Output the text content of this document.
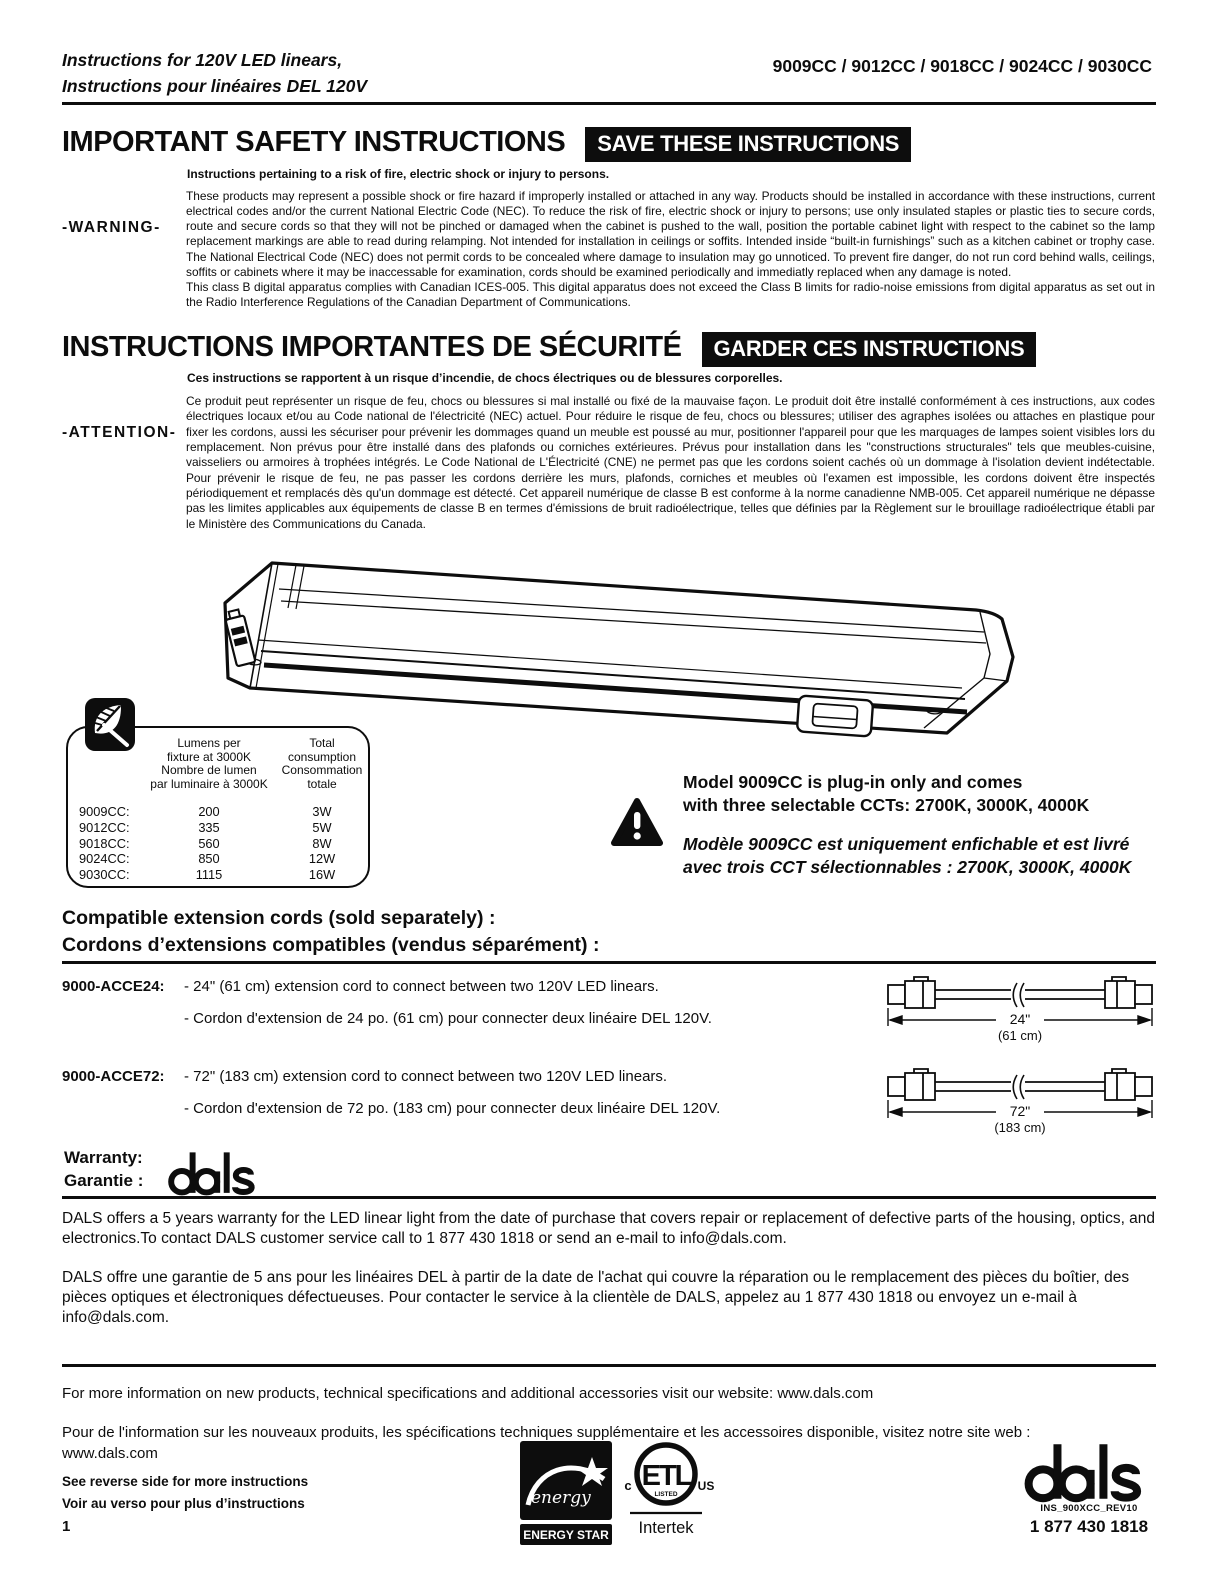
Instructions for 120V LED linears,
Instructions pour linéaires DEL 120V
9009CC / 9012CC / 9018CC / 9024CC / 9030CC
IMPORTANT SAFETY INSTRUCTIONS	SAVE THESE INSTRUCTIONS
Instructions pertaining to a risk of fire, electric shock or injury to persons.
-WARNING-

These products may represent a possible shock or fire hazard if improperly installed or attached in any way. Products should be installed in accordance with these instructions, current electrical codes and/or the current National Electric Code (NEC). To reduce the risk of fire, electric shock or injury to persons; use only insulated staples or plastic ties to secure cords, route and secure cords so that they will not be pinched or damaged when the cabinet is pushed to the wall, position the portable cabinet light with respect to the cabinet so the lamp replacement markings are able to read during relamping. Not intended for installation in ceilings or soffits. Intended inside “built-in furnishings” such as a kitchen cabinet or trophy case. The National Electrical Code (NEC) does not permit cords to be concealed where damage to insulation may go unnoticed. To prevent fire danger, do not run cord behind walls, ceilings, soffits or cabinets where it may be inaccessable for examination, cords should be examined periodically and immediatly replaced when any damage is noted.

This class B digital apparatus complies with Canadian ICES-005. This digital apparatus does not exceed the Class B limits for radio-noise emissions from digital apparatus as set out in the Radio Interference Regulations of the Canadian Department of Communications.

INSTRUCTIONS IMPORTANTES DE SÉCURITÉ	GARDER CES INSTRUCTIONS
Ces instructions se rapportent à un risque d’incendie, de chocs électriques ou de blessures corporelles.
-ATTENTION-

Ce produit peut représenter un risque de feu, chocs ou blessures si mal installé ou fixé de la mauvaise façon. Le produit doit être installé conformément à ces instructions, aux codes électriques locaux et/ou au Code national de l'électricité (NEC) actuel. Pour réduire le risque de feu, chocs ou blessures; utiliser des agraphes isolées ou attaches en plastique pour fixer les cordons, aussi les sécuriser pour prévenir les dommages quand un meuble est poussé au mur, positionner l'appareil pour que les marquages de lampes soient visibles lors du remplacement. Non prévus pour être installé dans des plafonds ou corniches extérieures. Prévus pour installation dans les "constructions structurales" tels que meubles-cuisine, vaisseliers ou armoires à trophées intégrés. Le Code National de L'Électricité (CNE) ne permet pas que les cordons soient cachés où un dommage à l'isolation devient indétectable. Pour prévenir le risque de feu, ne pas passer les cordons derrière les murs, plafonds, corniches et meubles où l'examen est impossible, les cordons doivent être inspectés périodiquement et remplacés dès qu'un dommage est détecté. Cet appareil numérique de classe B est conforme à la norme canadienne NMB-005. Cet appareil numérique ne dépasse pas les limites applicables aux équipements de classe B en termes d'émissions de bruit radioélectrique, telles que définies par la Règlement sur le brouillage radioélectrique établi par le Ministère des Communications du Canada.

Lumens per
fixture at 3000K
Nombre de lumen
par luminaire à 3000K
Total
consumption
Consommation
totale
9009CC:	200	3W
9012CC:	335	5W
9018CC:	560	8W
9024CC:	850	12W
9030CC:	1115	16W
Model 9009CC is plug-in only and comes
with three selectable CCTs: 2700K, 3000K, 4000K
Modèle 9009CC est uniquement enfichable et est livré
avec trois CCT sélectionnables : 2700K, 3000K, 4000K
Compatible extension cords (sold separately) :
Cordons d’extensions compatibles (vendus séparément) :
9000-ACCE24: - 24" (61 cm) extension cord to connect between two 120V LED linears.
- Cordon d'extension de 24 po. (61 cm) pour connecter deux linéaire DEL 120V.	24"
(61 cm)
9000-ACCE72: - 72" (183 cm) extension cord to connect between two 120V LED linears.
- Cordon d'extension de 72 po. (183 cm) pour connecter deux linéaire DEL 120V.	72"
(183 cm)
Warranty:
Garantie :
DALS offers a 5 years warranty for the LED linear light from the date of purchase that covers repair or replacement of defective parts of the housing, optics, and electronics.To contact DALS customer service call to 1 877 430 1818 or send an e-mail to info@dals.com.
DALS offre une garantie de 5 ans pour les linéaires DEL à partir de la date de l'achat qui couvre la réparation ou le remplacement des pièces du boîtier, des pièces optiques et électroniques défectueuses. Pour contacter le service à la clientèle de DALS, appelez au 1 877 430 1818 ou envoyez un e-mail à info@dals.com.
For more information on new products, technical specifications and additional accessories visit our website: www.dals.com
Pour de l'information sur les nouveaux produits, les spécifications techniques supplémentaire et les accessoires disponible, visitez notre site web : www.dals.com
See reverse side for more instructions
Voir au verso pour plus d’instructions
1
energy
ENERGY STAR
ETL
LISTED
c	US
Intertek
INS_900XCC_REV10
1 877 430 1818
